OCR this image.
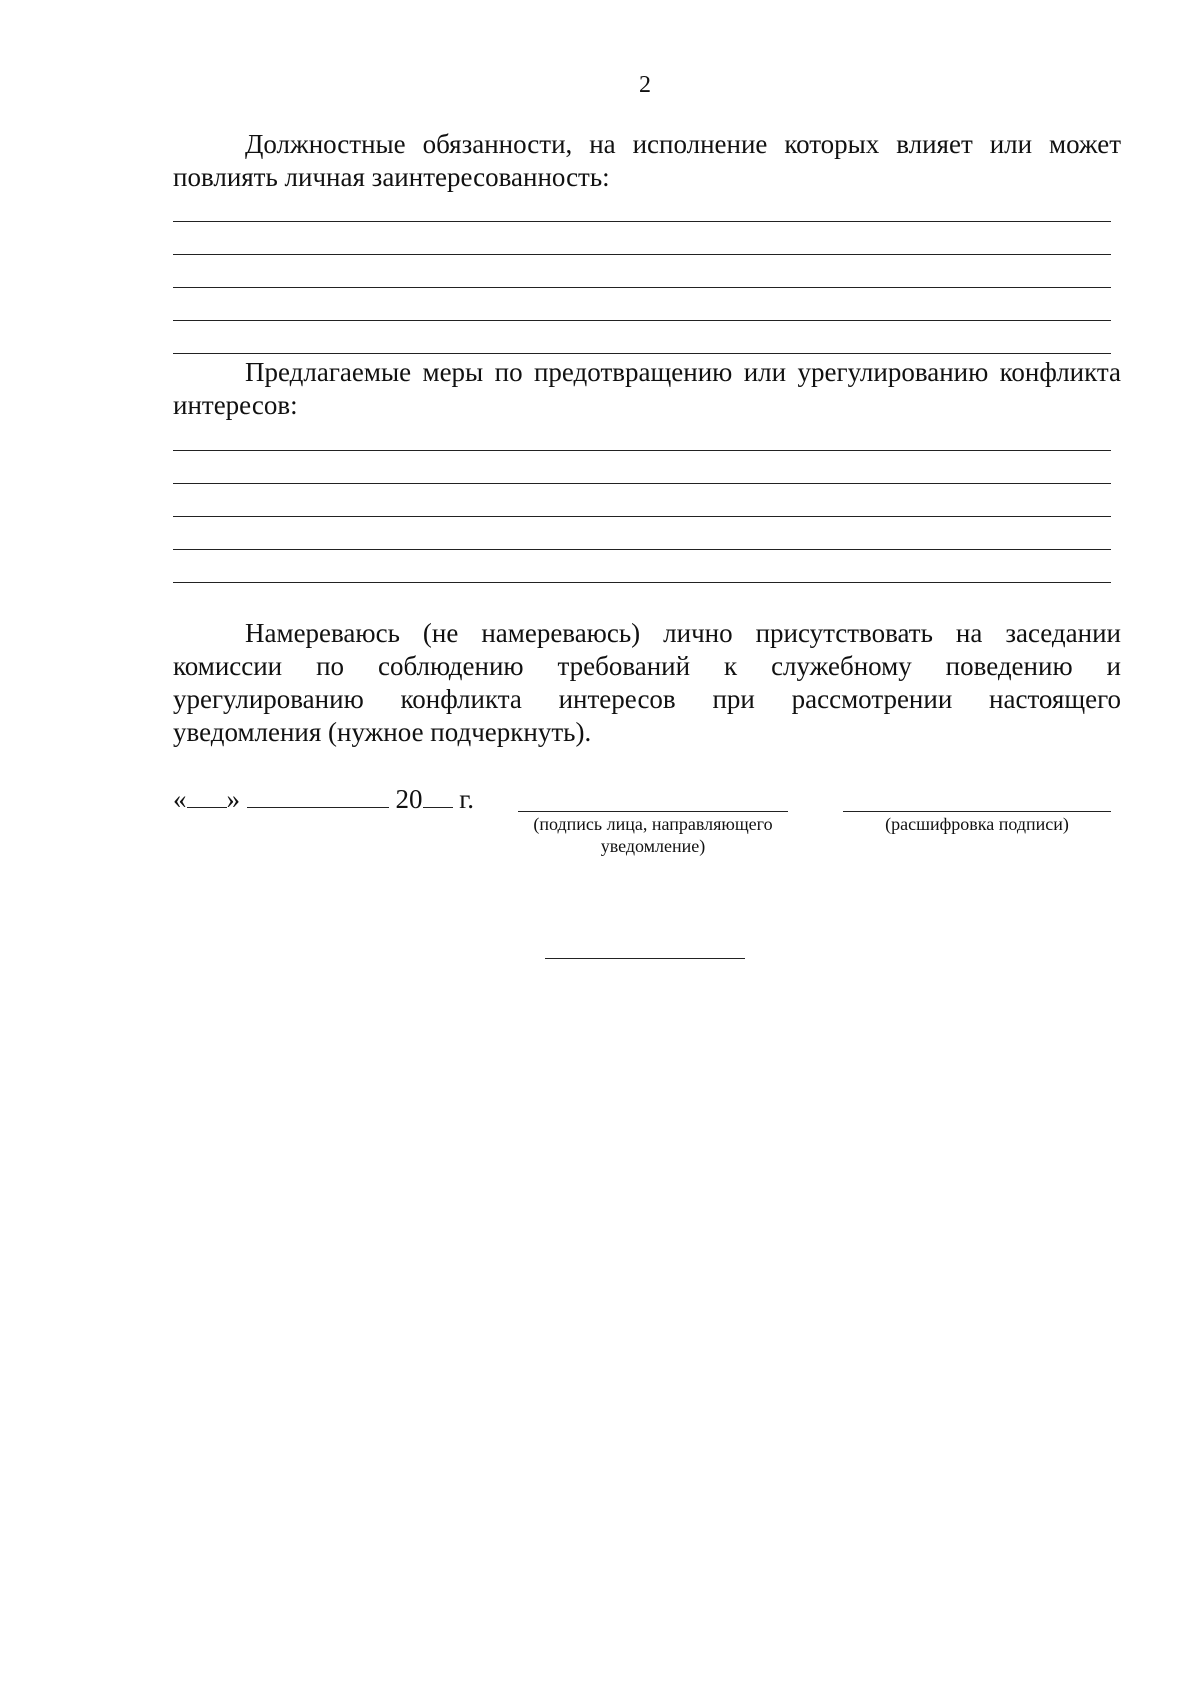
2

Должностные обязанности, на исполнение которых влияет или может повлиять личная заинтересованность:

Предлагаемые меры по предотвращению или урегулированию конфликта интересов:

Намереваюсь (не намереваюсь) лично присутствовать на заседании комиссии по соблюдению требований к служебному поведению и урегулированию конфликта интересов при рассмотрении настоящего уведомления (нужное подчеркнуть).

« »	20 г.
(подпись лица, направляющего уведомление)
(расшифровка подписи)
